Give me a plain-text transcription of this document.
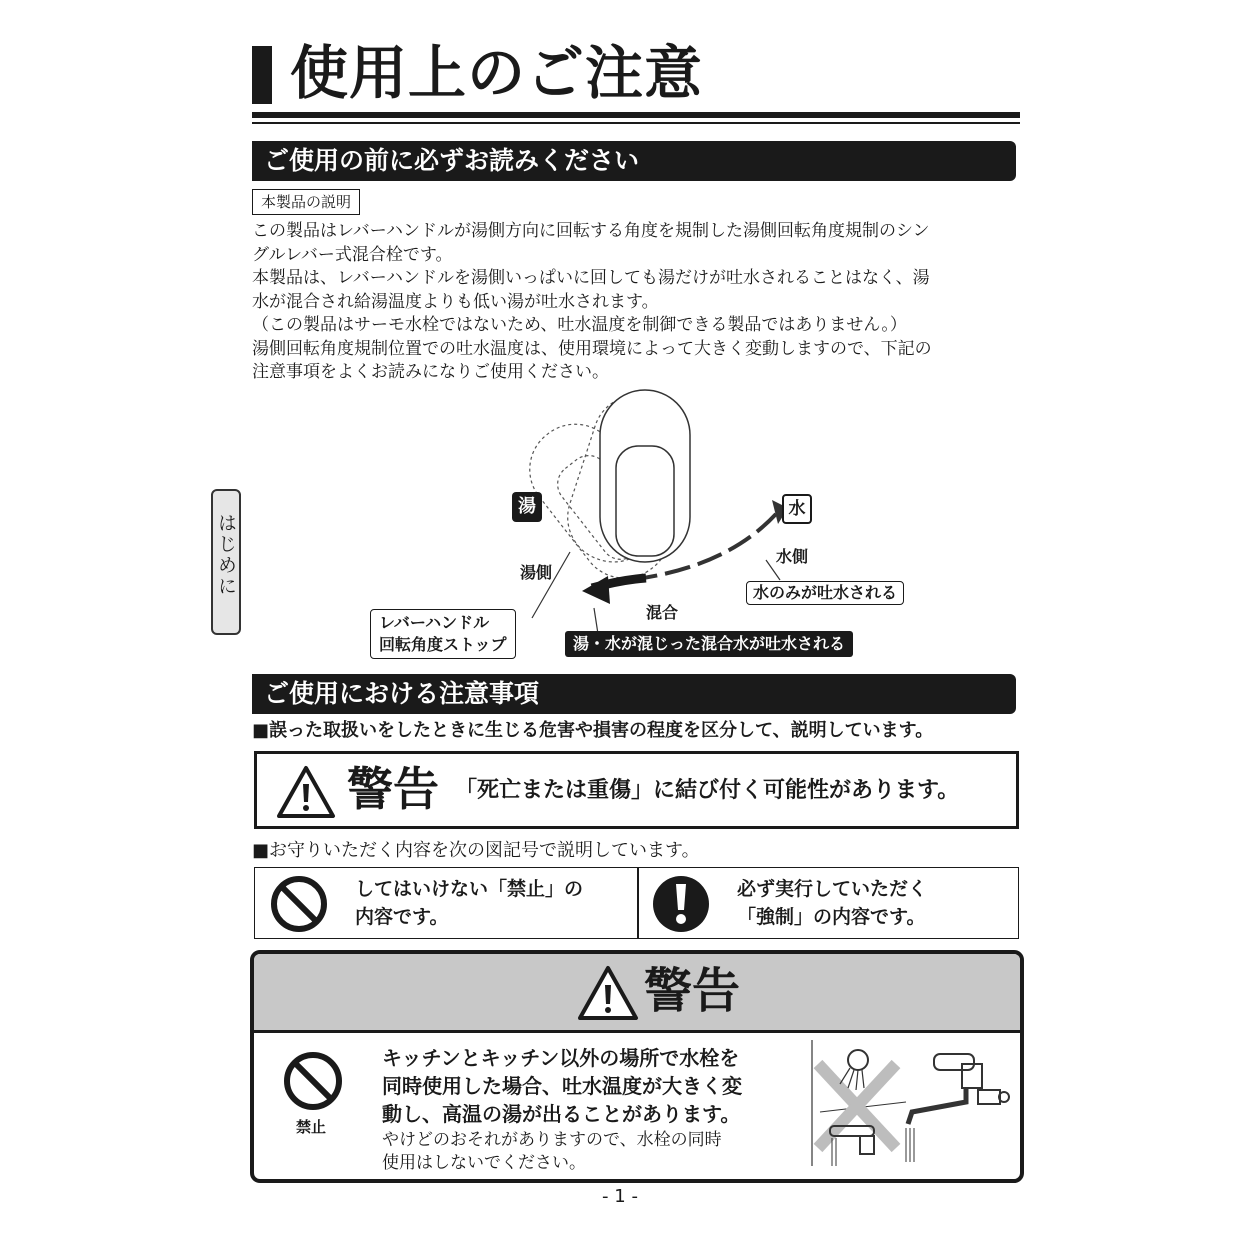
使用上のご注意
ご使用の前に必ずお読みください
本製品の説明

この製品はレバーハンドルが湯側方向に回転する角度を規制した湯側回転角度規制のシン

グルレバー式混合栓です。

本製品は、レバーハンドルを湯側いっぱいに回しても湯だけが吐水されることはなく、湯

水が混合され給湯温度よりも低い湯が吐水されます。

（この製品はサーモ水栓ではないため、吐水温度を制御できる製品ではありません。）

湯側回転角度規制位置での吐水温度は、使用環境によって大きく変動しますので、下記の

注意事項をよくお読みになりご使用ください。

はじめに
湯	水
湯側
水側
混合
水のみが吐水される
湯・水が混じった混合水が吐水される
レバーハンドル
回転角度ストップ
ご使用における注意事項
■誤った取扱いをしたときに生じる危害や損害の程度を区分して、説明しています。
警告 「死亡または重傷」に結び付く可能性があります。
■お守りいただく内容を次の図記号で説明しています。
してはいけない「禁止」の
内容です。
必ず実行していただく
「強制」の内容です。
警告
禁止

キッチンとキッチン以外の場所で水栓を

同時使用した場合、吐水温度が大きく変

動し、高温の湯が出ることがあります。

やけどのおそれがありますので、水栓の同時

使用はしないでください。

- 1 -
